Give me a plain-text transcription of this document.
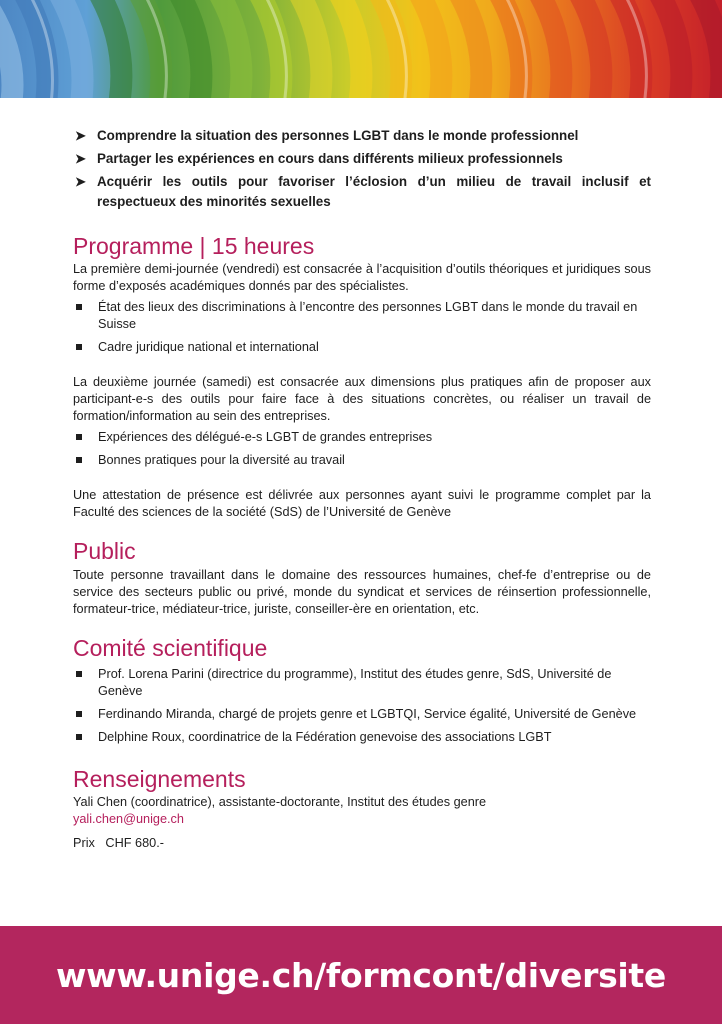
➤ Comprendre la situation des personnes LGBT dans le monde professionnel
➤ Partager les expériences en cours dans différents milieux professionnels
➤ Acquérir les outils pour favoriser l’éclosion d’un milieu de travail inclusif et respectueux des minorités sexuelles
Programme | 15 heures

La première demi-journée (vendredi) est consacrée à l’acquisition d’outils théoriques et juridiques sous forme d’exposés académiques donnés par des spécialistes.

État des lieux des discriminations à l’encontre des personnes LGBT dans le monde du travail en Suisse
Cadre juridique national et international

La deuxième journée (samedi) est consacrée aux dimensions plus pratiques afin de proposer aux participant-e-s des outils pour faire face à des situations concrètes, ou réaliser un travail de formation/information au sein des entreprises.

Expériences des délégué-e-s LGBT de grandes entreprises
Bonnes pratiques pour la diversité au travail

Une attestation de présence est délivrée aux personnes ayant suivi le programme complet par la Faculté des sciences de la société (SdS) de l’Université de Genève

Public

Toute personne travaillant dans le domaine des ressources humaines, chef-fe d’entreprise ou de service des secteurs public ou privé, monde du syndicat et services de réinsertion professionnelle, formateur-trice, médiateur-trice, juriste, conseiller-ère en orientation, etc.

Comité scientifique
Prof. Lorena Parini (directrice du programme), Institut des études genre, SdS, Université de Genève
Ferdinando Miranda, chargé de projets genre et LGBTQI, Service égalité, Université de Genève
Delphine Roux, coordinatrice de la Fédération genevoise des associations LGBT
Renseignements

Yali Chen (coordinatrice), assistante-doctorante, Institut des études genre

yali.chen@unige.ch

Prix   CHF 680.-

www.unige.ch/formcont/diversite
